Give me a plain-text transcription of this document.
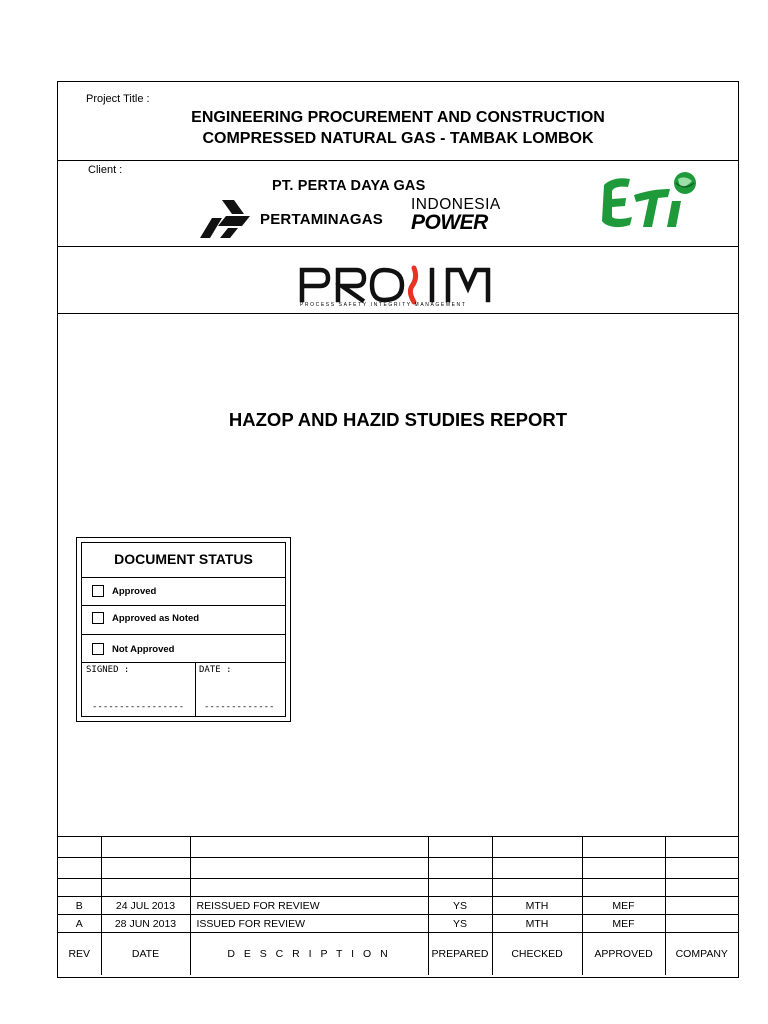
Project Title :
ENGINEERING PROCUREMENT AND CONSTRUCTION
COMPRESSED NATURAL GAS - TAMBAK LOMBOK
Client :
PT. PERTA DAYA GAS
PERTAMINAGAS
INDONESIA
POWER
PROCESS SAFETY INTEGRITY MANAGEMENT
HAZOP AND HAZID STUDIES REPORT
DOCUMENT STATUS
Approved
Approved as Noted
Not Approved
SIGNED :	DATE :
----------------- -------------

B	24 JUL 2013	REISSUED FOR REVIEW	YS	MTH	MEF	
A	28 JUN 2013	ISSUED FOR REVIEW	YS	MTH	MEF	
REV	DATE	D E S C R I P T I O N	PREPARED	CHECKED	APPROVED	COMPANY
